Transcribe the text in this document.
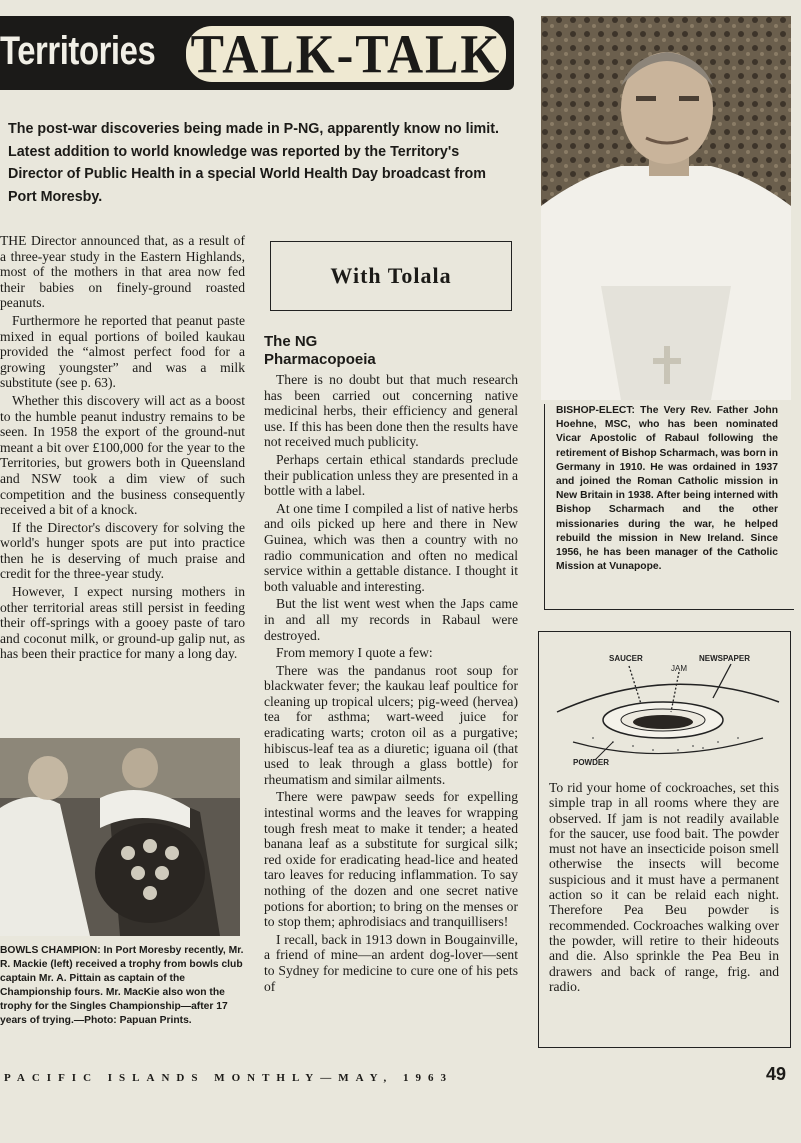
Territories TALK-TALK
The post-war discoveries being made in P-NG, apparently know no limit. Latest addition to world knowledge was reported by the Territory's Director of Public Health in a special World Health Day broadcast from Port Moresby.

THE Director announced that, as a result of a three-year study in the Eastern Highlands, most of the mothers in that area now fed their babies on finely-ground roasted peanuts.

Furthermore he reported that peanut paste mixed in equal portions of boiled kaukau provided the “almost perfect food for a growing youngster” and was a milk substitute (see p. 63).

Whether this discovery will act as a boost to the humble peanut industry remains to be seen. In 1958 the export of the ground-nut meant a bit over £100,000 for the year to the Territories, but growers both in Queensland and NSW took a dim view of such competition and the business consequently received a bit of a knock.

If the Director's discovery for solving the world's hunger spots are put into practice then he is deserving of much praise and credit for the three-year study.

However, I expect nursing mothers in other territorial areas still persist in feeding their off-springs with a gooey paste of taro and coconut milk, or ground-up galip nut, as has been their practice for many a long day.

With Tolala
The NG
Pharmacopoeia

There is no doubt but that much research has been carried out concerning native medicinal herbs, their efficiency and general use. If this has been done then the results have not received much publicity.

Perhaps certain ethical standards preclude their publication unless they are presented in a bottle with a label.

At one time I compiled a list of native herbs and oils picked up here and there in New Guinea, which was then a country with no radio communication and often no medical service within a gettable distance. I thought it both valuable and interesting.

But the list went west when the Japs came in and all my records in Rabaul were destroyed.

From memory I quote a few:

There was the pandanus root soup for blackwater fever; the kaukau leaf poultice for cleaning up tropical ulcers; pig-weed (hervea) tea for asthma; wart-weed juice for eradicating warts; croton oil as a purgative; hibiscus-leaf tea as a diuretic; iguana oil (that used to leak through a glass bottle) for rheumatism and similar ailments.

There were pawpaw seeds for expelling intestinal worms and the leaves for wrapping tough fresh meat to make it tender; a heated banana leaf as a substitute for surgical silk; red oxide for eradicating head-lice and heated taro leaves for reducing inflammation. To say nothing of the dozen and one secret native potions for abortion; to bring on the menses or to stop them; aphrodisiacs and tranquillisers!

I recall, back in 1913 down in Bougainville, a friend of mine—an ardent dog-lover—sent to Sydney for medicine to cure one of his pets of

BISHOP-ELECT: The Very Rev. Father John Hoehne, MSC, who has been nominated Vicar Apostolic of Rabaul following the retirement of Bishop Scharmach, was born in Germany in 1910. He was ordained in 1937 and joined the Roman Catholic mission in New Britain in 1938. After being interned with Bishop Scharmach and the other missionaries during the war, he helped rebuild the mission in New Ireland. Since 1956, he has been manager of the Catholic Mission at Vunapope.
SAUCER	NEWSPAPER
JAM
POWDER
To rid your home of cockroaches, set this simple trap in all rooms where they are observed. If jam is not readily available for the saucer, use food bait. The powder must not have an insecticide poison smell otherwise the insects will become suspicious and it must have a permanent action so it can be relaid each night. Therefore Pea Beu powder is recommended. Cockroaches walking over the powder, will retire to their hideouts and die. Also sprinkle the Pea Beu in drawers and back of range, frig. and radio.
BOWLS CHAMPION: In Port Moresby recently, Mr. R. Mackie (left) received a trophy from bowls club captain Mr. A. Pittain as captain of the Championship fours. Mr. MacKie also won the trophy for the Singles Championship—after 17 years of trying.—Photo: Papuan Prints.
PACIFIC ISLANDS MONTHLY—MAY, 1963	49
